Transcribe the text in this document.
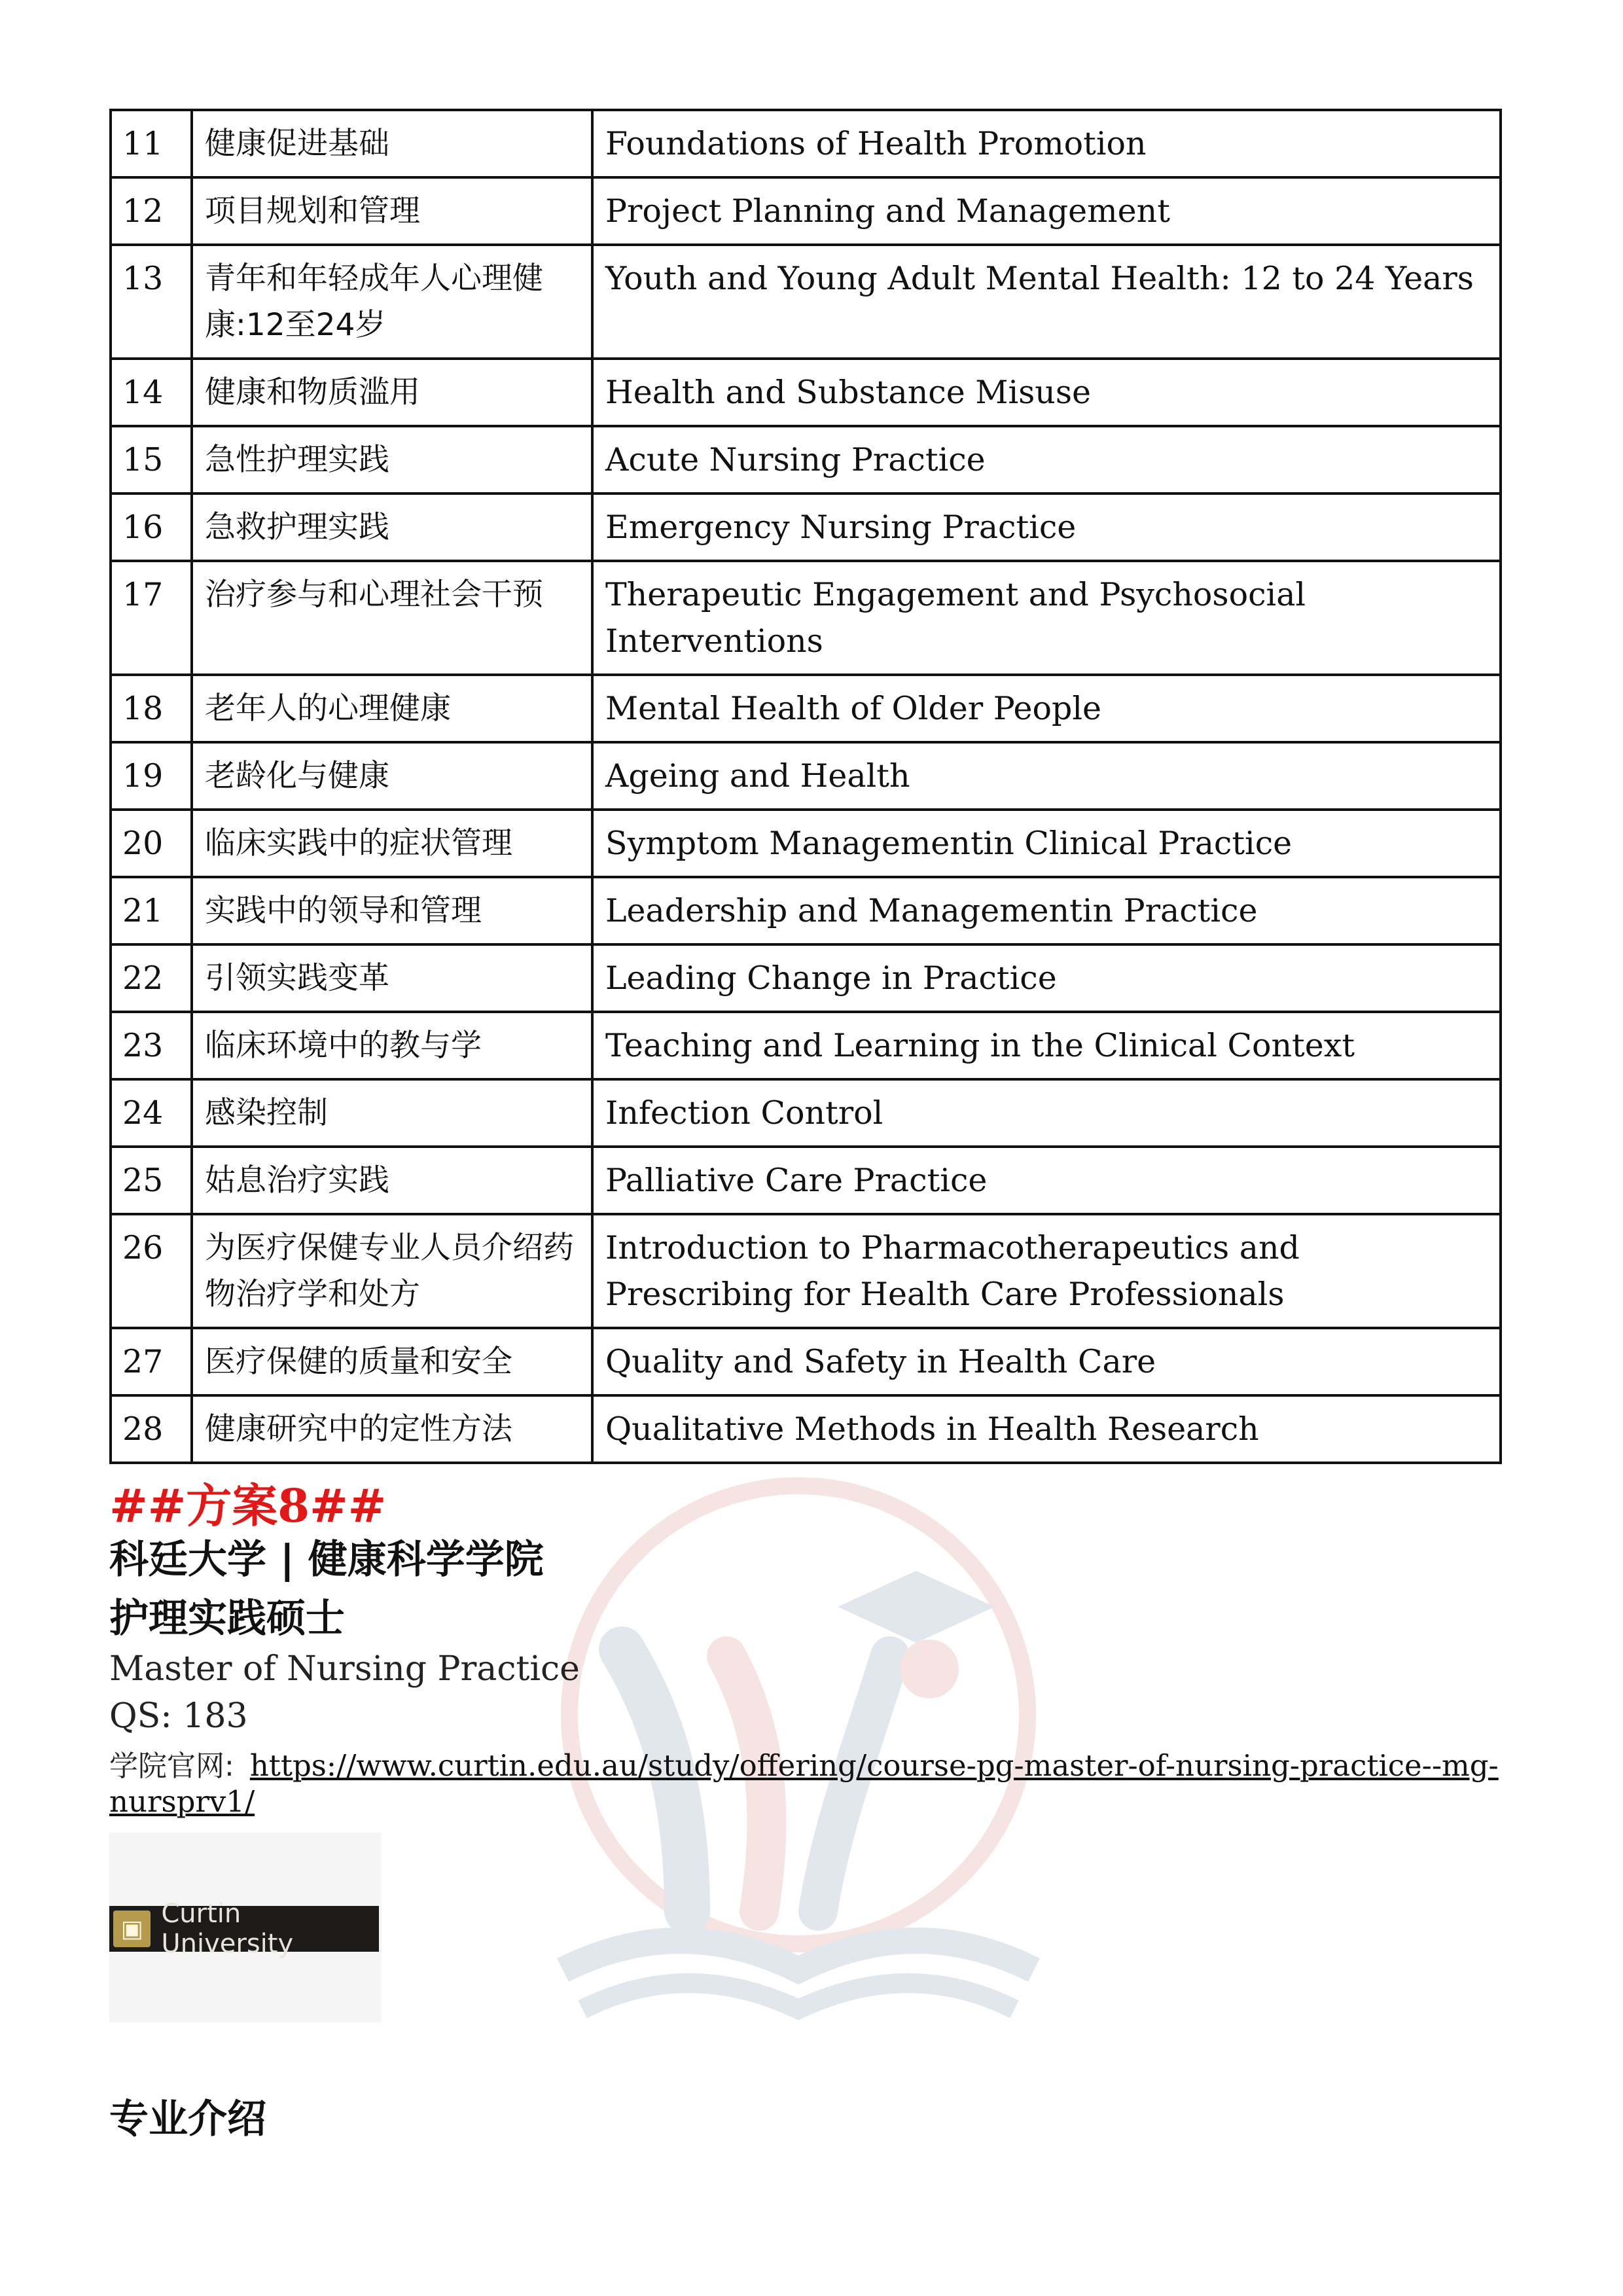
11	健康促进基础	Foundations of Health Promotion
12	项目规划和管理	Project Planning and Management
13	青年和年轻成年人心理健康:12至24岁	Youth and Young Adult Mental Health: 12 to 24 Years
14	健康和物质滥用	Health and Substance Misuse
15	急性护理实践	Acute Nursing Practice
16	急救护理实践	Emergency Nursing Practice
17	治疗参与和心理社会干预	Therapeutic Engagement and Psychosocial Interventions
18	老年人的心理健康	Mental Health of Older People
19	老龄化与健康	Ageing and Health
20	临床实践中的症状管理	Symptom Managementin Clinical Practice
21	实践中的领导和管理	Leadership and Managementin Practice
22	引领实践变革	Leading Change in Practice
23	临床环境中的教与学	Teaching and Learning in the Clinical Context
24	感染控制	Infection Control
25	姑息治疗实践	Palliative Care Practice
26	为医疗保健专业人员介绍药物治疗学和处方	Introduction to Pharmacotherapeutics and Prescribing for Health Care Professionals
27	医疗保健的质量和安全	Quality and Safety in Health Care
28	健康研究中的定性方法	Qualitative Methods in Health Research
##方案8##
科廷大学 | 健康科学学院
护理实践硕士
Master of Nursing Practice
QS: 183
学院官网: https://www.curtin.edu.au/study/offering/course-pg-master-of-nursing-practice--mg-nursprv1/
▣ Curtin University
专业介绍
